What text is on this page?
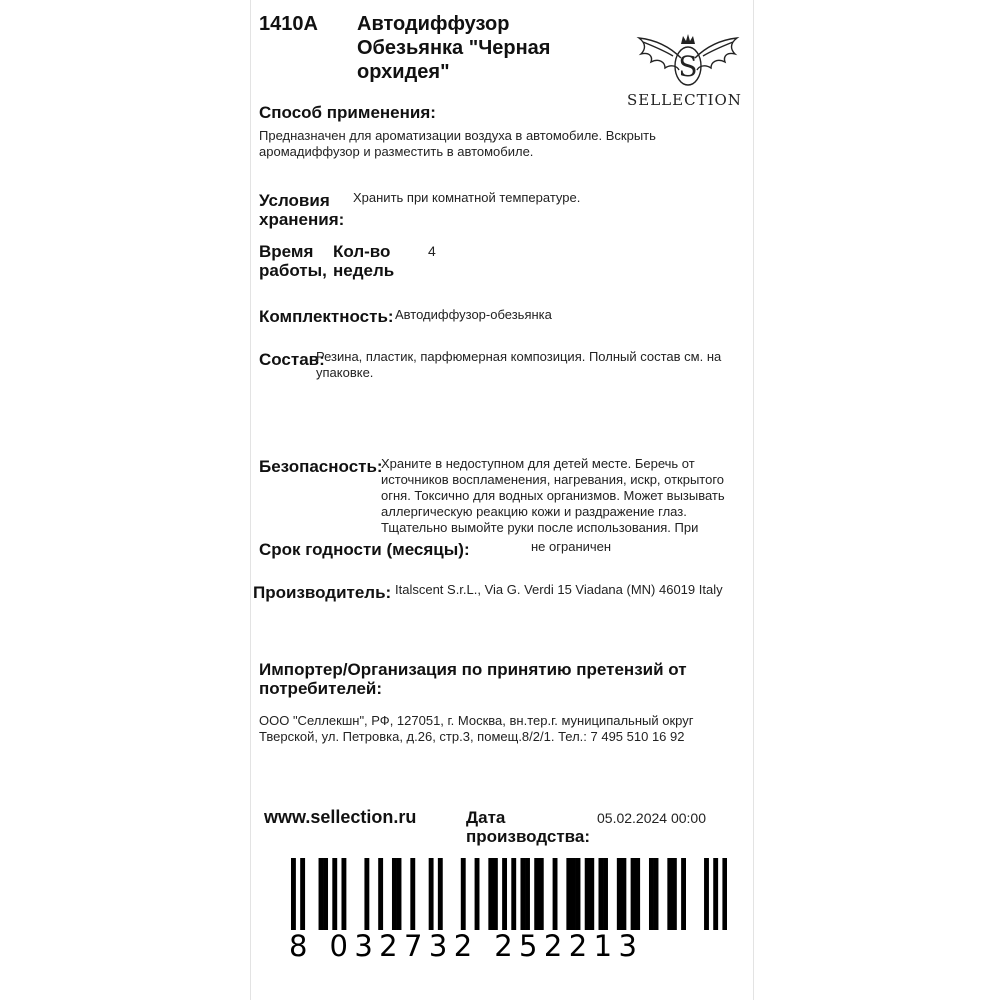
1410A Автодиффузор
Обезьянка "Черная
орхидея"	S
SELLECTION
Способ применения:
Предназначен для ароматизации воздуха в автомобиле. Вскрыть
аромадиффузор и разместить в автомобиле.
Условия
хранения:
Хранить при комнатной температуре.
Время
работы,
Кол-во
недель
4
Комплектность: Автодиффузор-обезьянка
Состав:
Резина, пластик, парфюмерная композиция. Полный состав см. на
упаковке.
Безопасность:
Храните в недоступном для детей месте. Беречь от
источников воспламенения, нагревания, искр, открытого
огня. Токсично для водных организмов. Может вызывать
аллергическую реакцию кожи и раздражение глаз.
Тщательно вымойте руки после использования. При
Срок годности (месяцы):	не ограничен
Производитель: Italscent S.r.L., Via G. Verdi 15 Viadana (MN) 46019 Italy
Импортер/Организация по принятию претензий от
потребителей:
ООО "Селлекшн", РФ, 127051, г. Москва, вн.тер.г. муниципальный округ
Тверской, ул. Петровка, д.26, стр.3, помещ.8/2/1. Тел.: 7 495 510 16 92
www.sellection.ru	Дата
производства:
05.02.2024 00:00
8 032732 252213
